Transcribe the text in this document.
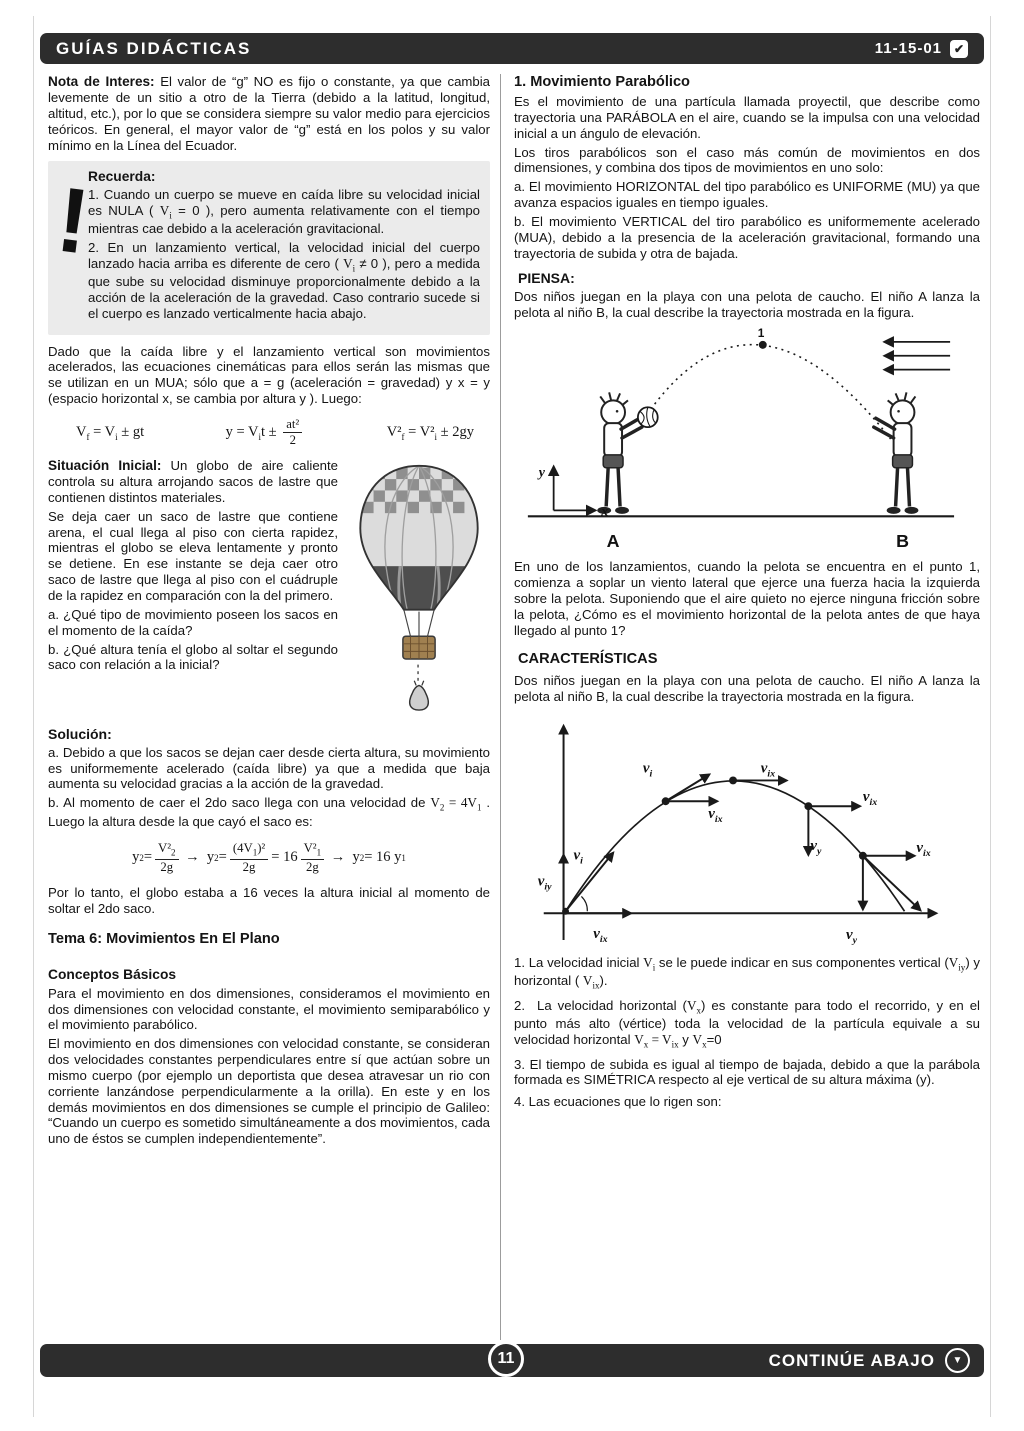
GUÍAS DIDÁCTICAS	11-15-01 ✔

Nota de Interes: El valor de “g” NO es fijo o constante, ya que cambia levemente de un sitio a otro de la Tierra (debido a la latitud, longitud, altitud, etc.), por lo que se considera siempre su valor medio para ejercicios teóricos. En general, el mayor valor de “g” está en los polos y su valor mínimo en la Línea del Ecuador.

!
Recuerda:

1. Cuando un cuerpo se mueve en caída libre su velocidad inicial es NULA ( $V_i = 0$ ), pero aumenta relativamente con el tiempo mientras cae debido a la aceleración gravitacional.

2. En un lanzamiento vertical, la velocidad inicial del cuerpo lanzado hacia arriba es diferente de cero ( $V_i \ne 0$ ), pero a medida que sube su velocidad disminuye proporcionalmente debido a la acción de la aceleración de la gravedad. Caso contrario sucede si el cuerpo es lanzado verticalmente hacia abajo.

Dado que la caída libre y el lanzamiento vertical son movimientos acelerados, las ecuaciones cinemáticas para ellos serán las mismas que se utilizan en un MUA; sólo que a = g (aceleración = gravedad) y x = y (espacio horizontal x, se cambia por altura y ). Luego:

$V_f = V_i$ ± gt	$y = V_it \pm \frac{\text{at²}}{2}$	$V^2_f = V^2_i \pm 2gy$

Situación Inicial: Un globo de aire caliente controla su altura arrojando sacos de lastre que contienen distintos materiales.

Se deja caer un saco de lastre que contiene arena, el cual llega al piso con cierta rapidez, mientras el globo se eleva lentamente y pronto se detiene. En ese instante se deja caer otro saco de lastre que llega al piso con el cuádruple de la rapidez en comparación con la del primero.

a. ¿Qué tipo de movimiento poseen los sacos en el momento de la caída?

b. ¿Qué altura tenía el globo al soltar el segundo saco con relación a la inicial?

Solución:

a. Debido a que los sacos se dejan caer desde cierta altura, su movimiento es uniformemente acelerado (caída libre) ya que a medida que baja aumenta su velocidad gracias a la acción de la gravedad.

b. Al momento de caer el 2do saco llega con una velocidad de $V_2 = 4V_1$ . Luego la altura desde la que cayó el saco es:

y $2 = \frac{V^2_2}{2g} \to y$ $2 = \frac{(4V_1)^2}{2g} = 16 \frac{V^2_1}{2g} \to y$ 2 = 16 y 1

Por lo tanto, el globo estaba a 16 veces la altura inicial al momento de soltar el 2do saco.

Tema 6: Movimientos En El Plano
Conceptos Básicos

Para el movimiento en dos dimensiones, consideramos el movimiento en dos dimensiones con velocidad constante, el movimiento semiparabólico y el movimiento parabólico.

El movimiento en dos dimensiones con velocidad constante, se consideran dos velocidades constantes perpendiculares entre sí que actúan sobre un mismo cuerpo (por ejemplo un deportista que desea atravesar un rio con corriente lanzándose perpendicularmente a la orilla). En este y en los demás movimientos en dos dimensiones se cumple el principio de Galileo: “Cuando un cuerpo es sometido simultáneamente a dos movimientos, cada uno de éstos se cumplen independientemente”.

1. Movimiento Parabólico

Es el movimiento de una partícula llamada proyectil, que describe como trayectoria una PARÁBOLA en el aire, cuando se la impulsa con una velocidad inicial a un ángulo de elevación.

Los tiros parabólicos son el caso más común de movimientos en dos dimensiones, y combina dos tipos de movimientos en uno solo:

a. El movimiento HORIZONTAL del tipo parabólico es UNIFORME (MU) ya que avanza espacios iguales en tiempo iguales.

b. El movimiento VERTICAL del tiro parabólico es uniformemente acelerado (MUA), debido a la presencia de la aceleración gravitacional, formando una trayectoria de subida y otra de bajada.

PIENSA:

Dos niños juegan en la playa con una pelota de caucho. El niño A lanza la pelota al niño B, la cual describe la trayectoria mostrada en la figura.

1
y
x
A	B

En uno de los lanzamientos, cuando la pelota se encuentra en el punto 1, comienza a soplar un viento lateral que ejerce una fuerza hacia la izquierda sobre la pelota. Suponiendo que el aire quieto no ejerce ninguna fricción sobre la pelota, ¿Cómo es el movimiento horizontal de la pelota antes de que haya llegado al punto 1?

CARACTERÍSTICAS

Dos niños juegan en la playa con una pelota de caucho. El niño A lanza la pelota al niño B, la cual describe la trayectoria mostrada en la figura.

$v_{iy}$
$v_{ix}$
$v_i$
$v_i$
$v_{ix}$
$v_{ix}$
$v_{ix}$
$v_y$	$v_{ix}$
$v_y$

1. La velocidad inicial $V_i$ se le puede indicar en sus componentes vertical $(V_{iy})$ y horizontal ( $V_{ix}$).

2.  La velocidad horizontal $(V_x)$ es constante para todo el recorrido, y en el punto más alto (vértice) toda la velocidad de la partícula equivale a su velocidad horizontal $V_x = V_{ix}$ y $V_x=0$

3. El tiempo de subida es igual al tiempo de bajada, debido a que la parábola formada es SIMÉTRICA respecto al eje vertical de su altura máxima (y).

4. Las ecuaciones que lo rigen son:

11	CONTINÚE ABAJO	▼
